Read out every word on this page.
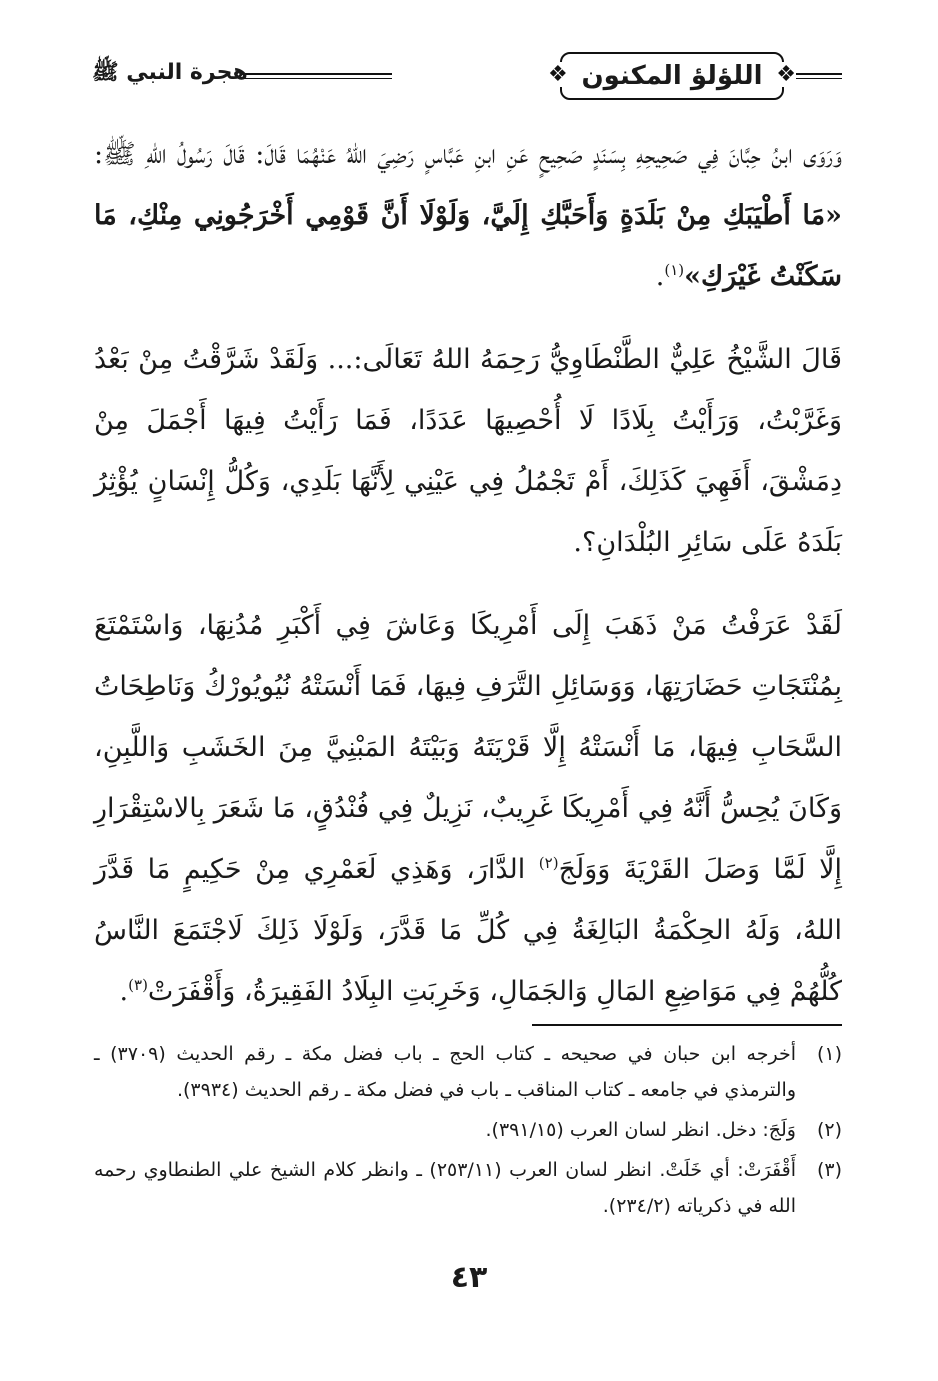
❖ اللؤلؤ المكنون
❖
هجرة النبي ﷺ

وَرَوَى ابنُ حِبَّانَ فِي صَحِيحِهِ بِسَنَدٍ صَحِيحٍ عَنِ ابنِ عَبَّاسٍ رَضِيَ اللهُ عَنْهُمَا قَالَ: قَالَ رَسُولُ اللهِ ﷺ: «مَا أَطْيَبَكِ مِنْ بَلَدَةٍ وَأَحَبَّكِ إِلَيَّ، وَلَوْلَا أَنَّ قَوْمِي أَخْرَجُونِي مِنْكِ، مَا سَكَنْتُ غَيْرَكِ»$^{(١)}$.

قَالَ الشَّيْخُ عَلِيٌّ الطَّنْطَاوِيُّ رَحِمَهُ اللهُ تَعَالَى:... وَلَقَدْ شَرَّقْتُ مِنْ بَعْدُ وَغَرَّبْتُ، وَرَأَيْتُ بِلَادًا لَا أُحْصِيهَا عَدَدًا، فَمَا رَأَيْتُ فِيهَا أَجْمَلَ مِنْ دِمَشْقَ، أَفَهِيَ كَذَلِكَ، أَمْ تَجْمُلُ فِي عَيْنِي لِأَنَّهَا بَلَدِي، وَكُلُّ إِنْسَانٍ يُؤْثِرُ بَلَدَهُ عَلَى سَائِرِ البُلْدَانِ؟.

لَقَدْ عَرَفْتُ مَنْ ذَهَبَ إِلَى أَمْرِيكَا وَعَاشَ فِي أَكْبَرِ مُدُنِهَا، وَاسْتَمْتَعَ بِمُنْتَجَاتِ حَضَارَتِهَا، وَوَسَائِلِ التَّرَفِ فِيهَا، فَمَا أَنْسَتْهُ نُيُويُورْكُ وَنَاطِحَاتُ السَّحَابِ فِيهَا، مَا أَنْسَتْهُ إِلَّا قَرْيَتَهُ وَبَيْتَهُ المَبْنِيَّ مِنَ الخَشَبِ وَاللَّبِنِ، وَكَانَ يُحِسُّ أَنَّهُ فِي أَمْرِيكَا غَرِيبٌ، نَزِيلٌ فِي فُنْدُقٍ، مَا شَعَرَ بِالاسْتِقْرَارِ إِلَّا لَمَّا وَصَلَ القَرْيَةَ وَوَلَجَ$^{(٢)}$ الدَّارَ، وَهَذِي لَعَمْرِي مِنْ حَكِيمٍ مَا قَدَّرَ اللهُ، وَلَهُ الحِكْمَةُ البَالِغَةُ فِي كُلِّ مَا قَدَّرَ، وَلَوْلَا ذَلِكَ لَاجْتَمَعَ النَّاسُ كُلُّهُمْ فِي مَوَاضِعِ المَالِ وَالجَمَالِ، وَخَرِبَتِ البِلَادُ الفَقِيرَةُ، وَأَقْفَرَتْ$^{(٣)}$.

(١)
أخرجه ابن حبان في صحيحه ـ كتاب الحج ـ باب فضل مكة ـ رقم الحديث (٣٧٠٩) ـ والترمذي في جامعه ـ كتاب المناقب ـ باب في فضل مكة ـ رقم الحديث (٣٩٣٤).
(٢)
وَلَجَ: دخل. انظر لسان العرب (٣٩١/١٥).
(٣)
أَقْفَرَتْ: أي خَلَتْ. انظر لسان العرب (٢٥٣/١١) ـ وانظر كلام الشيخ علي الطنطاوي رحمه الله في ذكرياته (٢٣٤/٢).
٤٣
